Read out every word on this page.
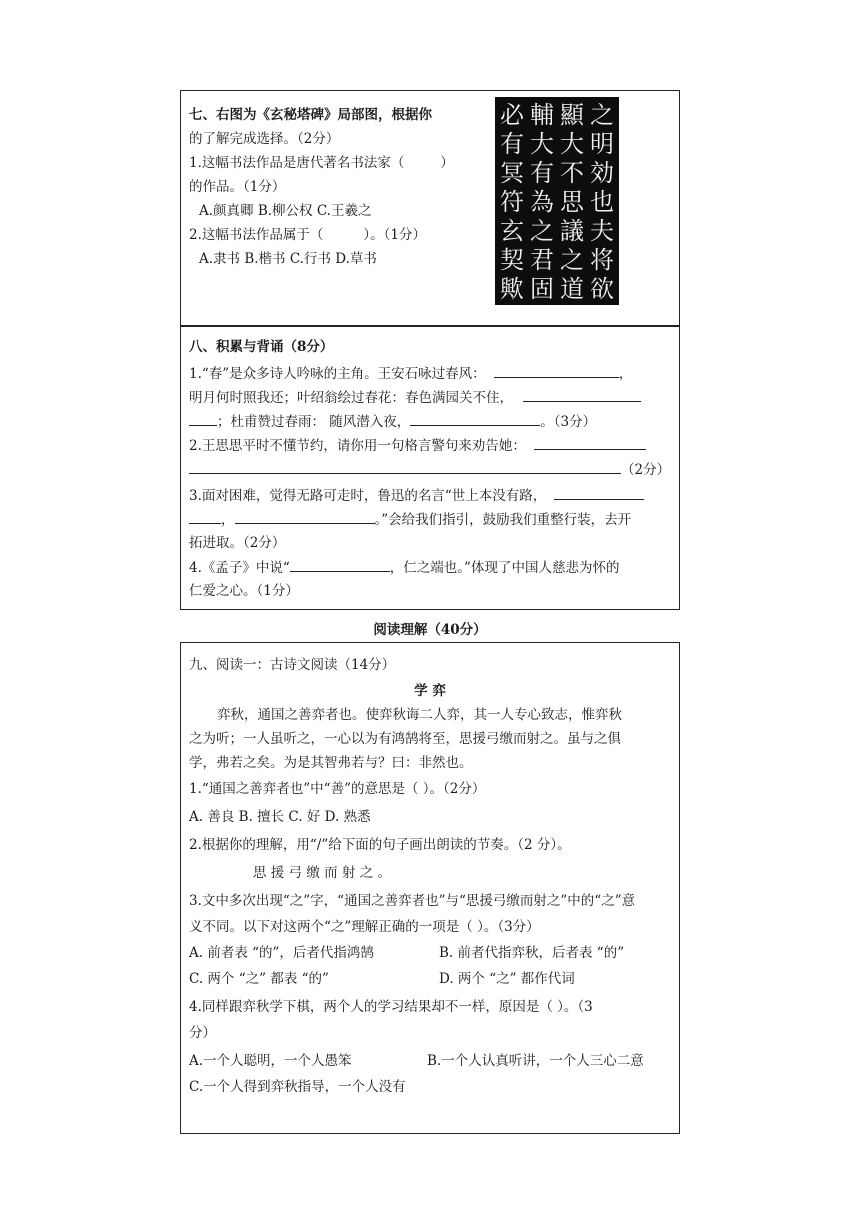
七、右图为《玄秘塔碑》局部图，根据你
的了解完成选择。（2分）
1.这幅书法作品是唐代著名书法家（	）
的作品。（1分）
A.颜真卿 B.柳公权 C.王羲之
2.这幅书法作品属于（	）。（1分）
A.隶书 B.楷书 C.行书 D.草书
之
明
効
也
夫
将
欲
顯
大
不
思
議
之
道
輔
大
有
為
之
君
固
必
有
冥
符
玄
契
歟
八、积累与背诵（8分）
1.“春”是众多诗人吟咏的主角。王安石咏过春风：	，
明月何时照我还；叶绍翁绘过春花：春色满园关不住，
；杜甫赞过春雨： 随风潜入夜，	。（3分）
2.王思思平时不懂节约，请你用一句格言警句来劝告她：
（2分）
3.面对困难，觉得无路可走时，鲁迅的名言“世上本没有路，
，	。”会给我们指引，鼓励我们重整行装，去开
拓进取。（2分）
4.《孟子》中说“	，仁之端也。”体现了中国人慈悲为怀的
仁爱之心。（1分）
阅读理解（40分）
九、阅读一：古诗文阅读（14分）
学 弈
弈秋，通国之善弈者也。使弈秋诲二人弈，其一人专心致志，惟弈秋
之为听；一人虽听之，一心以为有鸿鹄将至，思援弓缴而射之。虽与之俱
学，弗若之矣。为是其智弗若与？曰：非然也。
1.“通国之善弈者也”中“善”的意思是（ ）。（2分）
A. 善良 B. 擅长 C. 好 D. 熟悉
2.根据你的理解，用“/”给下面的句子画出朗读的节奏。（2 分）。
思 援 弓 缴 而 射 之 。
3.文中多次出现“之”字，“通国之善弈者也”与“思援弓缴而射之”中的“之”意
义不同。以下对这两个“之”理解正确的一项是（ ）。（3分）
A. 前者表 “的”，后者代指鸿鹄	B. 前者代指弈秋，后者表 “的”
C. 两个 “之” 都表 “的”	D. 两个 “之” 都作代词
4.同样跟弈秋学下棋，两个人的学习结果却不一样，原因是（ ）。（3
分）
A.一个人聪明，一个人愚笨	B.一个人认真听讲，一个人三心二意
C.一个人得到弈秋指导，一个人没有
